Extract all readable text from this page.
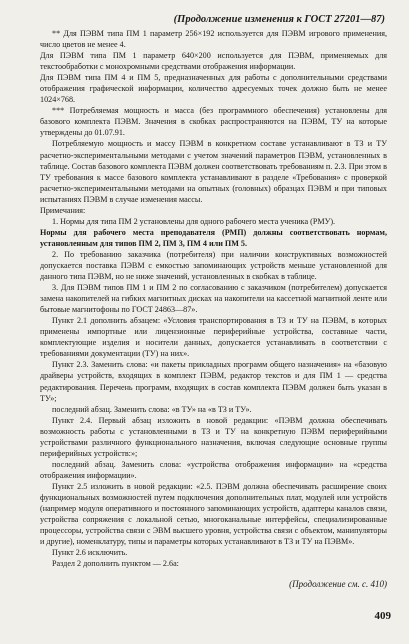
(Продолжение изменения к ГОСТ 27201—87)

** Для ПЭВМ типа ПМ 1 параметр 256×192 используется для ПЭВМ игрового применения, число цветов не менее 4.

Для ПЭВМ типа ПМ 1 параметр 640×200 используется для ПЭВМ, применяемых для текстообработки с монохромными средствами отображения информации.

Для ПЭВМ типа ПМ 4 и ПМ 5, предназначенных для работы с дополнительными средствами отображения графической информации, количество адресуемых точек должно быть не менее 1024×768.

*** Потребляемая мощность и масса (без программного обеспечения) установлены для базового комплекта ПЭВМ. Значения в скобках распространяются на ПЭВМ, ТУ на которые утверждены до 01.07.91.

Потребляемую мощность и массу ПЭВМ в конкретном составе устанавливают в ТЗ и ТУ расчетно-экспериментальными методами с учетом значений параметров ПЭВМ, установленных в таблице. Состав базового комплекта ПЭВМ должен соответствовать требованиям п. 2.3. При этом в ТУ требования к массе базового комплекта устанавливают в разделе «Требования» с проверкой расчетно-экспериментальными методами на опытных (головных) образцах ПЭВМ и при типовых испытаниях ПЭВМ в случае изменения массы.

Примечания:

1. Нормы для типа ПМ 2 установлены для одного рабочего места ученика (РМУ).

Нормы для рабочего места преподавателя (РМП) должны соответствовать нормам, установленным для типов ПМ 2, ПМ 3, ПМ 4 или ПМ 5.

2. По требованию заказчика (потребителя) при наличии конструктивных возможностей допускается поставка ПЭВМ с емкостью запоминающих устройств меньше установленной для данного типа ПЭВМ, но не ниже значений, установленных в скобках в таблице.

3. Для ПЭВМ типов ПМ 1 и ПМ 2 по согласованию с заказчиком (потребителем) допускается замена накопителей на гибких магнитных дисках на накопители на кассетной магнитной ленте или бытовые магнитофоны по ГОСТ 24863—87».

Пункт 2.1 дополнить абзацем: «Условия транспортирования в ТЗ и ТУ на ПЭВМ, в которых применены импортные или лицензионные периферийные устройства, составные части, комплектующие изделия и носители данных, допускается устанавливать в соответствии с требованиями документации (ТУ) на них».

Пункт 2.3. Заменить слова: «и пакеты прикладных программ общего назначения» на «базовую драйверы устройств, входящих в комплект ПЭВМ, редактор текстов и для ПМ 1 — средства редактирования. Перечень программ, входящих в состав комплекта ПЭВМ должен быть указан в ТУ»;

последний абзац. Заменить слова: «в ТУ» на «в ТЗ и ТУ».

Пункт 2.4. Первый абзац изложить в новой редакции: «ПЭВМ должна обеспечивать возможность работы с установленными в ТЗ и ТУ на конкретную ПЭВМ периферийными устройствами различного функционального назначения, включая следующие основные группы периферийных устройств:»;

последний абзац. Заменить слова: «устройства отображения информации» на «средства отображения информации».

Пункт 2.5 изложить в новой редакции: «2.5. ПЭВМ должна обеспечивать расширение своих функциональных возможностей путем подключения дополнительных плат, модулей или устройств (например модуля оперативного и постоянного запоминающих устройств, адаптеры каналов связи, устройства сопряжения с локальной сетью, многоканальные интерфейсы, специализированные процессоры, устройства связи с ЭВМ высшего уровня, устройства связи с объектом, манипуляторы и другие), номенклатуру, типы и параметры которых устанавливают в ТЗ и ТУ на ПЭВМ».

Пункт 2.6 исключить.

Раздел 2 дополнить пунктом — 2.6а:

(Продолжение см. с. 410)

409
